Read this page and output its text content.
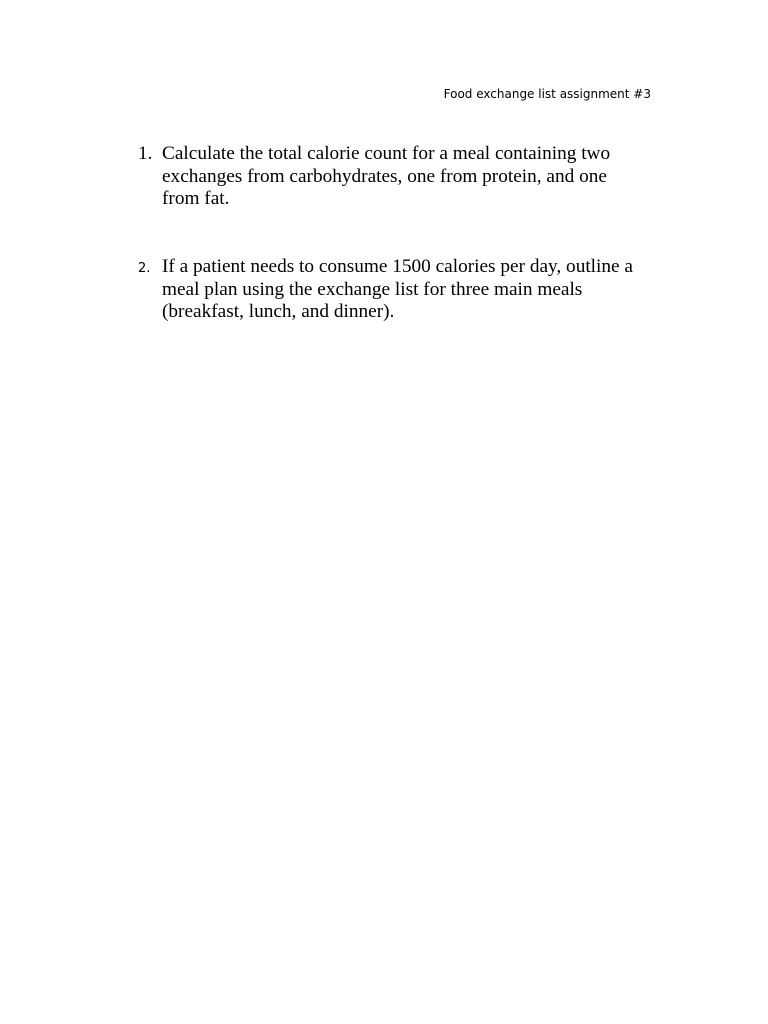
Food exchange list assignment #3
1. Calculate the total calorie count for a meal containing two exchanges from carbohydrates, one from protein, and one from fat.
2. If a patient needs to consume 1500 calories per day, outline a meal plan using the exchange list for three main meals (breakfast, lunch, and dinner).
